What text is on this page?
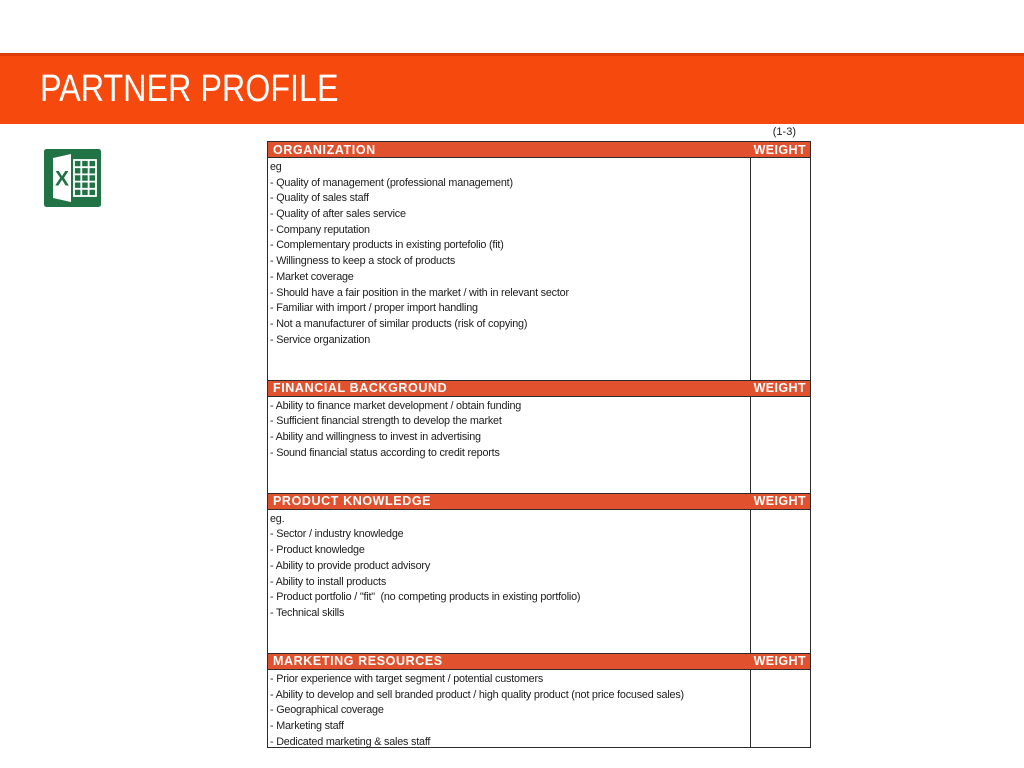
PARTNER PROFILE
X
(1-3)
ORGANIZATION	WEIGHT
eg
- Quality of management (professional management)
- Quality of sales staff
- Quality of after sales service
- Company reputation
- Complementary products in existing portefolio (fit)
- Willingness to keep a stock of products
- Market coverage
- Should have a fair position in the market / with in relevant sector
- Familiar with import / proper import handling
- Not a manufacturer of similar products (risk of copying)
- Service organization
FINANCIAL BACKGROUND	WEIGHT
- Ability to finance market development / obtain funding
- Sufficient financial strength to develop the market
- Ability and willingness to invest in advertising
- Sound financial status according to credit reports
PRODUCT KNOWLEDGE	WEIGHT
eg.
- Sector / industry knowledge
- Product knowledge
- Ability to provide product advisory
- Ability to install products
- Product portfolio / "fit"  (no competing products in existing portfolio)
- Technical skills
MARKETING RESOURCES	WEIGHT
- Prior experience with target segment / potential customers
- Ability to develop and sell branded product / high quality product (not price focused sales)
- Geographical coverage
- Marketing staff
- Dedicated marketing & sales staff
